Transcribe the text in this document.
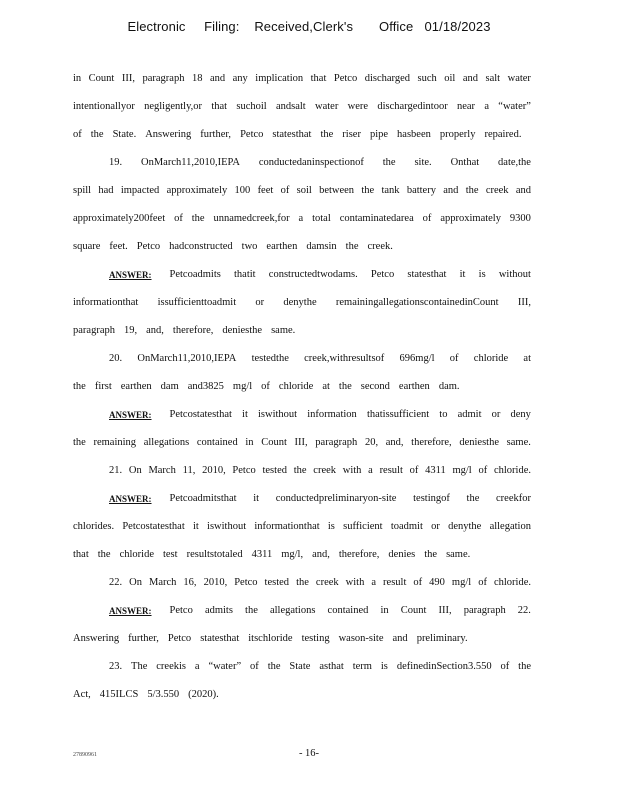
Electronic     Filing:    Received,Clerk's       Office   01/18/2023
in Count III, paragraph 18 and any implication that Petco discharged such oil and salt water
intentionallyor negligently,or that suchoil andsalt water were dischargedintoor near a “water”
of the State. Answering further, Petco statesthat the riser pipe hasbeen properly repaired.
19. OnMarch11,2010,IEPA conductedaninspectionof the site. Onthat date,the
spill had impacted approximately 100 feet of soil between the tank battery and the creek and
approximately200feet of the unnamedcreek,for a total contaminatedarea of approximately 9300
square feet. Petco hadconstructed two earthen damsin the creek.
ANSWER: Petcoadmits thatit constructedtwodams. Petco statesthat it is without
informationthat issufficienttoadmit or denythe remainingallegationscontainedinCount III,
paragraph 19, and, therefore, deniesthe same.
20. OnMarch11,2010,IEPA testedthe creek,withresultsof 696mg/l of chloride at
the first earthen dam and3825 mg/l of chloride at the second earthen dam.
ANSWER: Petcostatesthat it iswithout information thatissufficient to admit or deny
the remaining allegations contained in Count III, paragraph 20, and, therefore, deniesthe same.
21. On March 11, 2010, Petco tested the creek with a result of 4311 mg/l of chloride.
ANSWER: Petcoadmitsthat it conductedpreliminaryon-site testingof the creekfor
chlorides. Petcostatesthat it iswithout informationthat is sufficient toadmit or denythe allegation
that the chloride test resultstotaled 4311 mg/l, and, therefore, denies the same.
22. On March 16, 2010, Petco tested the creek with a result of 490 mg/l of chloride.
ANSWER: Petco admits the allegations contained in Count III, paragraph 22.
Answering further, Petco statesthat itschloride testing wason-site and preliminary.
23. The creekis a “water” of the State asthat term is definedinSection3.550 of the
Act, 415ILCS 5/3.550 (2020).
27890961	- 16-
